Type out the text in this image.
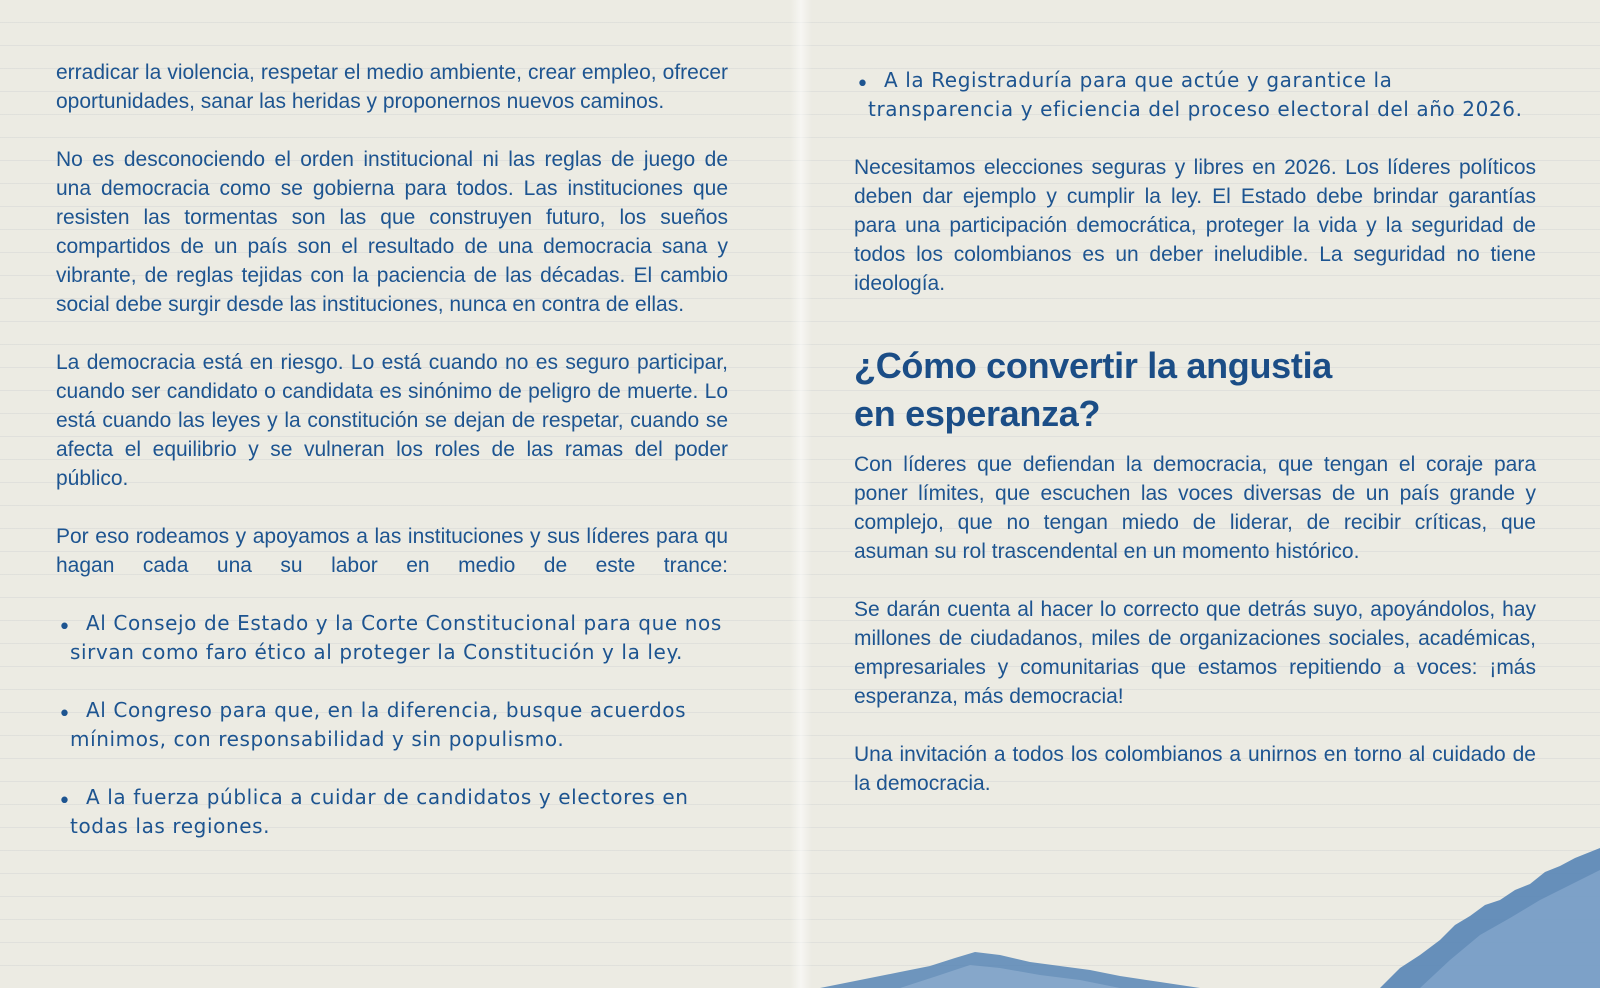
erradicar la violencia, respetar el medio ambiente, crear empleo, ofrecer oportunidades, sanar las heridas y proponernos nuevos caminos.

No es desconociendo el orden institucional ni las reglas de juego de una democracia como se gobierna para todos. Las instituciones que resisten las tormentas son las que construyen futuro, los sueños compartidos de un país son el resultado de una democracia sana y vibrante, de reglas tejidas con la paciencia de las décadas. El cambio social debe surgir desde las instituciones, nunca en contra de ellas.

La democracia está en riesgo. Lo está cuando no es seguro participar, cuando ser candidato o candidata es sinónimo de peligro de muerte. Lo está cuando las leyes y la constitución se dejan de respetar, cuando se afecta el equilibrio y se vulneran los roles de las ramas del poder público.

Por eso rodeamos y apoyamos a las instituciones y sus líderes para qu hagan cada una su labor en medio de este trance:

• Al Consejo de Estado y la Corte Constitucional para que nos sirvan como faro ético al proteger la Constitución y la ley.
• Al Congreso para que, en la diferencia, busque acuerdos mínimos, con responsabilidad y sin populismo.
• A la fuerza pública a cuidar de candidatos y electores en todas las regiones.
• A la Registraduría para que actúe y garantice la transparencia y eficiencia del proceso electoral del año 2026.

Necesitamos elecciones seguras y libres en 2026. Los líderes políticos deben dar ejemplo y cumplir la ley. El Estado debe brindar garantías para una participación democrática, proteger la vida y la seguridad de todos los colombianos es un deber ineludible. La seguridad no tiene ideología.

¿Cómo convertir la angustia
en esperanza?

Con líderes que defiendan la democracia, que tengan el coraje para poner límites, que escuchen las voces diversas de un país grande y complejo, que no tengan miedo de liderar, de recibir críticas, que asuman su rol trascendental en un momento histórico.

Se darán cuenta al hacer lo correcto que detrás suyo, apoyándolos, hay millones de ciudadanos, miles de organizaciones sociales, académicas, empresariales y comunitarias que estamos repitiendo a voces: ¡más esperanza, más democracia!

Una invitación a todos los colombianos a unirnos en torno al cuidado de la democracia.
